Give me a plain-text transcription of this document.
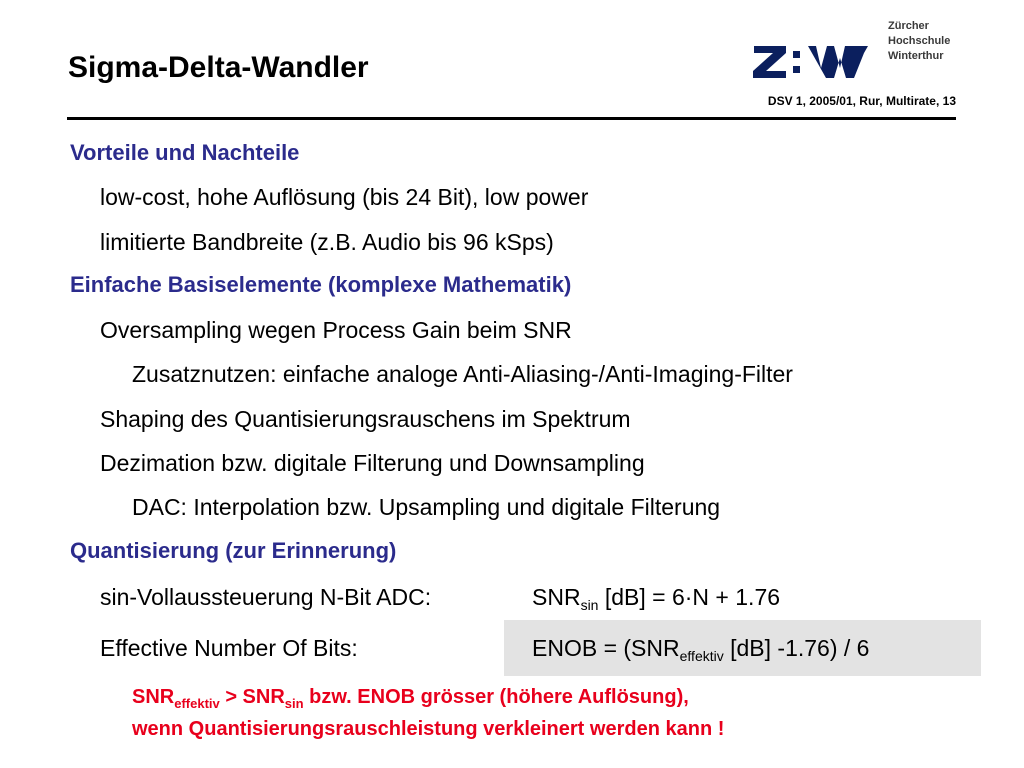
Sigma-Delta-Wandler
Zürcher
Hochschule
Winterthur
DSV 1, 2005/01, Rur, Multirate, 13
Vorteile und Nachteile
low-cost, hohe Auflösung (bis 24 Bit), low power
limitierte Bandbreite (z.B. Audio bis 96 kSps)
Einfache Basiselemente (komplexe Mathematik)
Oversampling wegen Process Gain beim SNR
Zusatznutzen: einfache analoge Anti-Aliasing-/Anti-Imaging-Filter
Shaping des Quantisierungsrauschens im Spektrum
Dezimation bzw. digitale Filterung und Downsampling
DAC: Interpolation bzw. Upsampling und digitale Filterung
Quantisierung (zur Erinnerung)
sin-Vollaussteuerung N-Bit ADC:	$SNR_{sin}$ [dB] = 6·N + 1.76
Effective Number Of Bits:	ENOB = ($SNR_{effektiv}$ [dB] -1.76) / 6
$SNR_{effektiv} > SNR_{sin}$ bzw. ENOB grösser (höhere Auflösung),
wenn Quantisierungsrauschleistung verkleinert werden kann !
